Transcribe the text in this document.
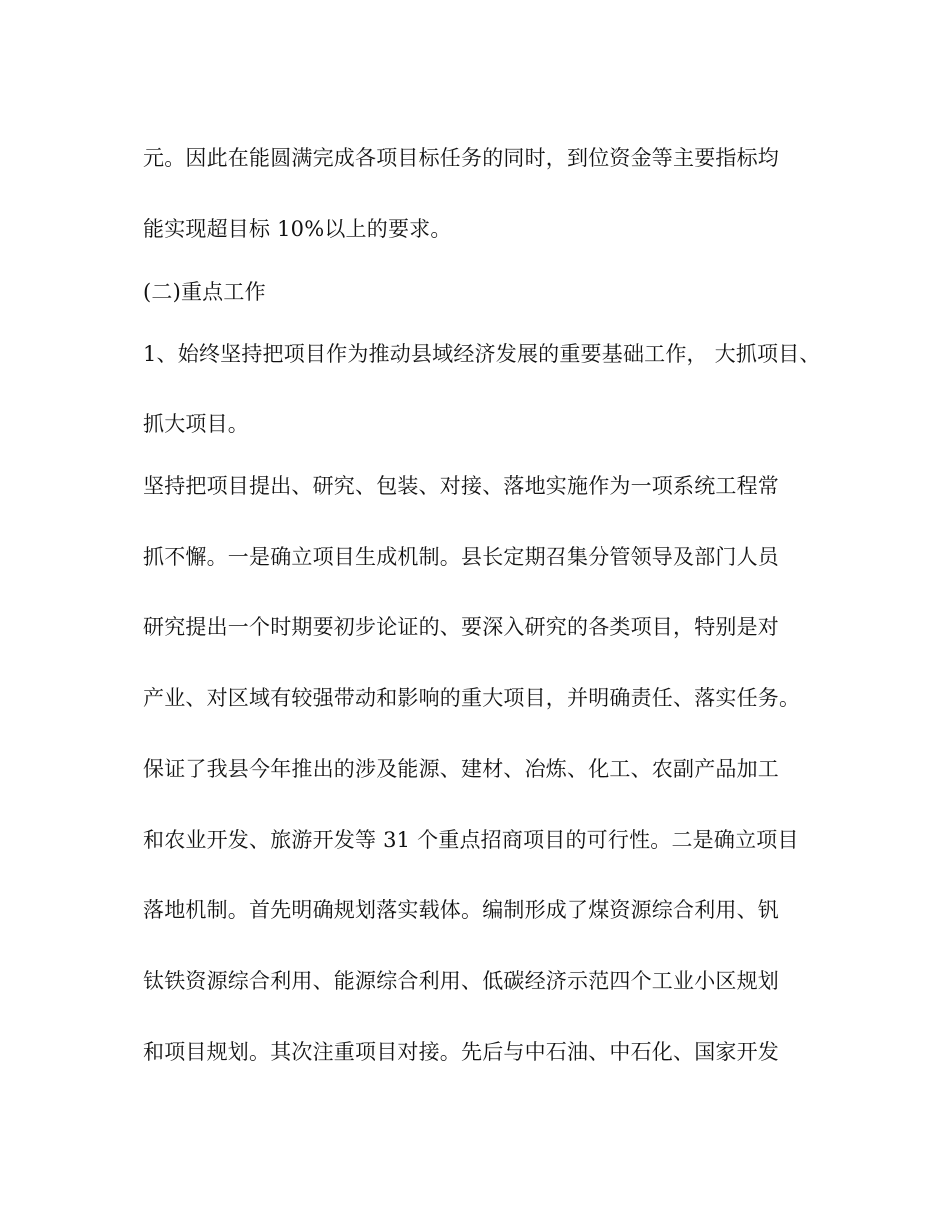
元。因此在能圆满完成各项目标任务的同时，到位资金等主要指标均
能实现超目标 10%以上的要求。
(二)重点工作
1、始终坚持把项目作为推动县域经济发展的重要基础工作， 大抓项目、
抓大项目。
坚持把项目提出、研究、包装、对接、落地实施作为一项系统工程常
抓不懈。一是确立项目生成机制。县长定期召集分管领导及部门人员
研究提出一个时期要初步论证的、要深入研究的各类项目，特别是对
产业、对区域有较强带动和影响的重大项目，并明确责任、落实任务。
保证了我县今年推出的涉及能源、建材、冶炼、化工、农副产品加工
和农业开发、旅游开发等 31 个重点招商项目的可行性。二是确立项目
落地机制。首先明确规划落实载体。编制形成了煤资源综合利用、钒
钛铁资源综合利用、能源综合利用、低碳经济示范四个工业小区规划
和项目规划。其次注重项目对接。先后与中石油、中石化、国家开发
